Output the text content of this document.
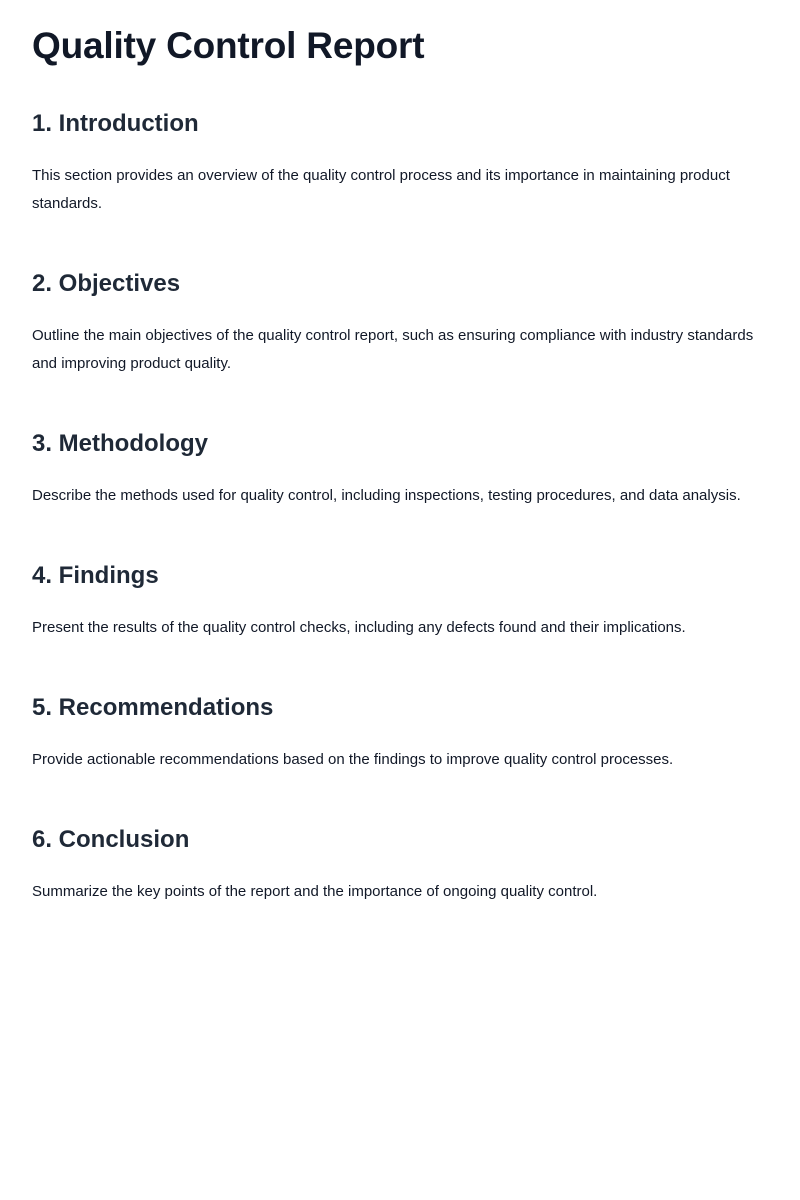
Quality Control Report
1. Introduction

This section provides an overview of the quality control process and its importance in maintaining product standards.

2. Objectives

Outline the main objectives of the quality control report, such as ensuring compliance with industry standards and improving product quality.

3. Methodology

Describe the methods used for quality control, including inspections, testing procedures, and data analysis.

4. Findings

Present the results of the quality control checks, including any defects found and their implications.

5. Recommendations

Provide actionable recommendations based on the findings to improve quality control processes.

6. Conclusion

Summarize the key points of the report and the importance of ongoing quality control.
